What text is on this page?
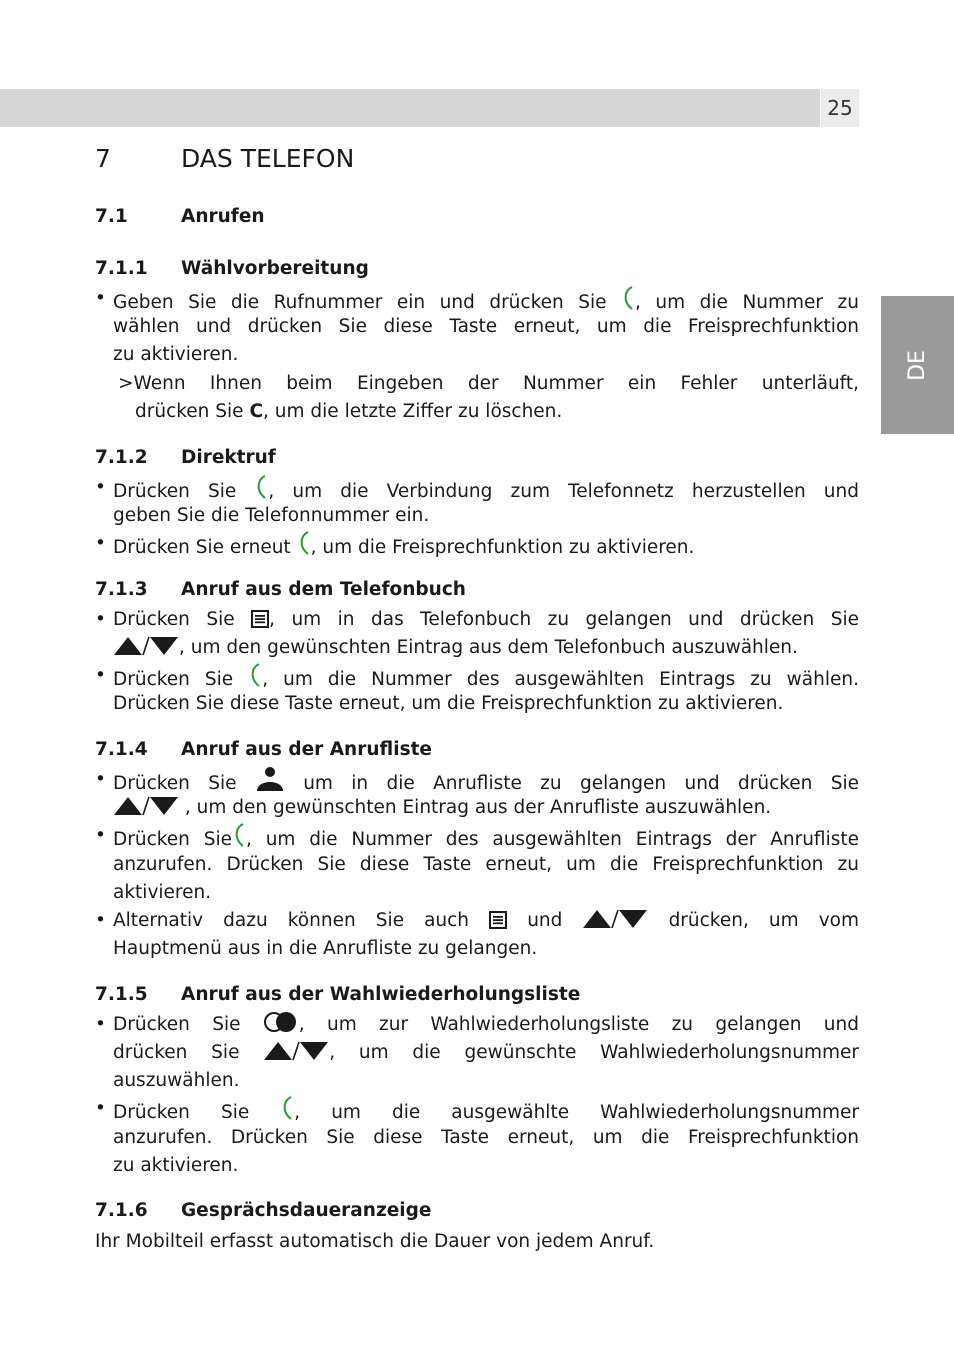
25
DE
7	DAS TELEFON
7.1	Anrufen
7.1.1 Wählvorbereitung
• Geben Sie die Rufnummer ein und drücken Sie , um die Nummer zu
wählen und drücken Sie diese Taste erneut, um die Freisprechfunktion
zu aktivieren.
>Wenn Ihnen beim Eingeben der Nummer ein Fehler unterläuft,
drücken Sie C, um die letzte Ziffer zu löschen.
7.1.2 Direktruf
• Drücken Sie , um die Verbindung zum Telefonnetz herzustellen und
geben Sie die Telefonnummer ein.
• Drücken Sie erneut , um die Freisprechfunktion zu aktivieren.
7.1.3 Anruf aus dem Telefonbuch
• Drücken Sie , um in das Telefonbuch zu gelangen und drücken Sie
, um den gewünschten Eintrag aus dem Telefonbuch auszuwählen.
• Drücken Sie , um die Nummer des ausgewählten Eintrags zu wählen.
Drücken Sie diese Taste erneut, um die Freisprechfunktion zu aktivieren.
7.1.4 Anruf aus der Anrufliste
• Drücken Sie	um in die Anrufliste zu gelangen und drücken Sie
, um den gewünschten Eintrag aus der Anrufliste auszuwählen.
• Drücken Sie , um die Nummer des ausgewählten Eintrags der Anrufliste
anzurufen. Drücken Sie diese Taste erneut, um die Freisprechfunktion zu
aktivieren.
• Alternativ dazu können Sie auch	und	drücken, um vom
Hauptmenü aus in die Anrufliste zu gelangen.
7.1.5 Anruf aus der Wahlwiederholungsliste
• Drücken Sie	, um zur Wahlwiederholungsliste zu gelangen und
drücken Sie	, um die gewünschte Wahlwiederholungsnummer
auszuwählen.
• Drücken Sie , um die ausgewählte Wahlwiederholungsnummer
anzurufen. Drücken Sie diese Taste erneut, um die Freisprechfunktion
zu aktivieren.
7.1.6 Gesprächsdaueranzeige
Ihr Mobilteil erfasst automatisch die Dauer von jedem Anruf.
